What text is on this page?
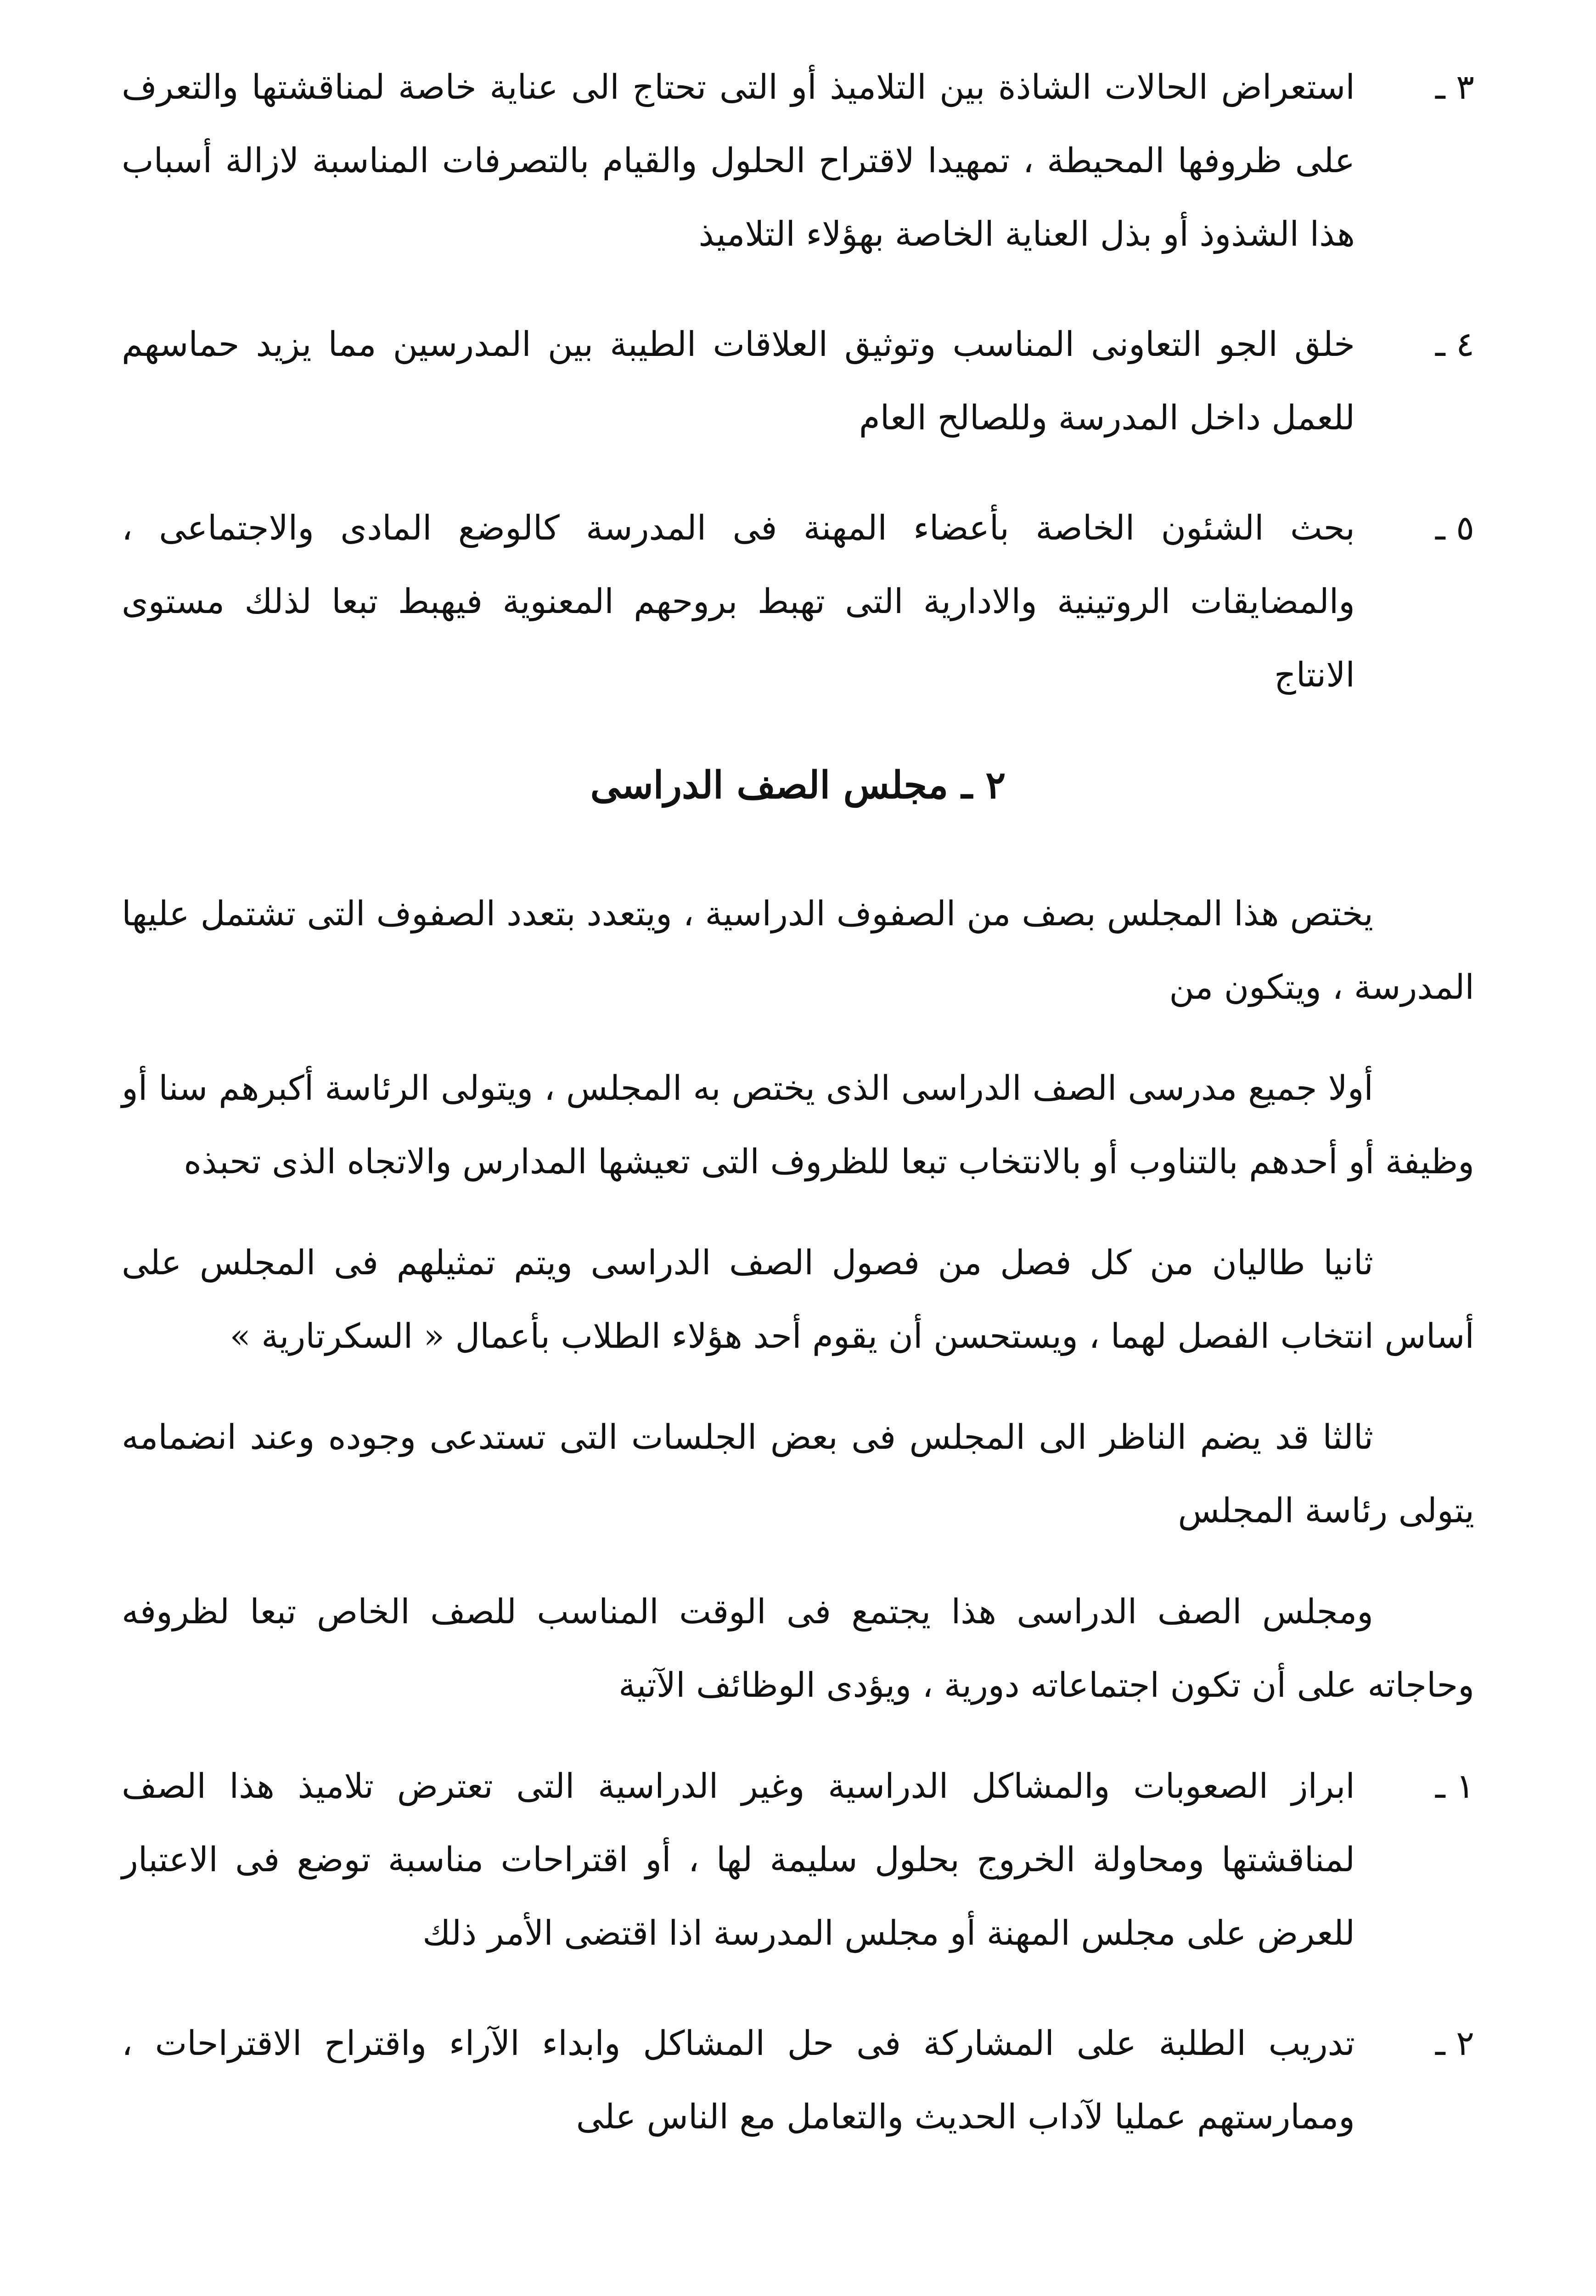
٣ ـ

استعراض الحالات الشاذة بين التلاميذ أو التى تحتاج الى عناية خاصة لمناقشتها والتعرف على ظروفها المحيطة ، تمهيدا لاقتراح الحلول والقيام بالتصرفات المناسبة لازالة أسباب هذا الشذوذ أو بذل العناية الخاصة بهؤلاء التلاميذ

٤ ـ

خلق الجو التعاونى المناسب وتوثيق العلاقات الطيبة بين المدرسين مما يزيد حماسهم للعمل داخل المدرسة وللصالح العام

٥ ـ

بحث الشئون الخاصة بأعضاء المهنة فى المدرسة كالوضع المادى والاجتماعى ، والمضايقات الروتينية والادارية التى تهبط بروحهم المعنوية فيهبط تبعا لذلك مستوى الانتاج

٢ ـ مجلس الصف الدراسى

يختص هذا المجلس بصف من الصفوف الدراسية ، ويتعدد بتعدد الصفوف التى تشتمل عليها المدرسة ، ويتكون من

أولا جميع مدرسى الصف الدراسى الذى يختص به المجلس ، ويتولى الرئاسة أكبرهم سنا أو وظيفة أو أحدهم بالتناوب أو بالانتخاب تبعا للظروف التى تعيشها المدارس والاتجاه الذى تحبذه

ثانيا طاليان من كل فصل من فصول الصف الدراسى ويتم تمثيلهم فى المجلس على أساس انتخاب الفصل لهما ، ويستحسن أن يقوم أحد هؤلاء الطلاب بأعمال « السكرتارية »

ثالثا قد يضم الناظر الى المجلس فى بعض الجلسات التى تستدعى وجوده وعند انضمامه يتولى رئاسة المجلس

ومجلس الصف الدراسى هذا يجتمع فى الوقت المناسب للصف الخاص تبعا لظروفه وحاجاته على أن تكون اجتماعاته دورية ، ويؤدى الوظائف الآتية

١ ـ

ابراز الصعوبات والمشاكل الدراسية وغير الدراسية التى تعترض تلاميذ هذا الصف لمناقشتها ومحاولة الخروج بحلول سليمة لها ، أو اقتراحات مناسبة توضع فى الاعتبار للعرض على مجلس المهنة أو مجلس المدرسة اذا اقتضى الأمر ذلك

٢ ـ

تدريب الطلبة على المشاركة فى حل المشاكل وابداء الآراء واقتراح الاقتراحات ، وممارستهم عمليا لآداب الحديث والتعامل مع الناس على
